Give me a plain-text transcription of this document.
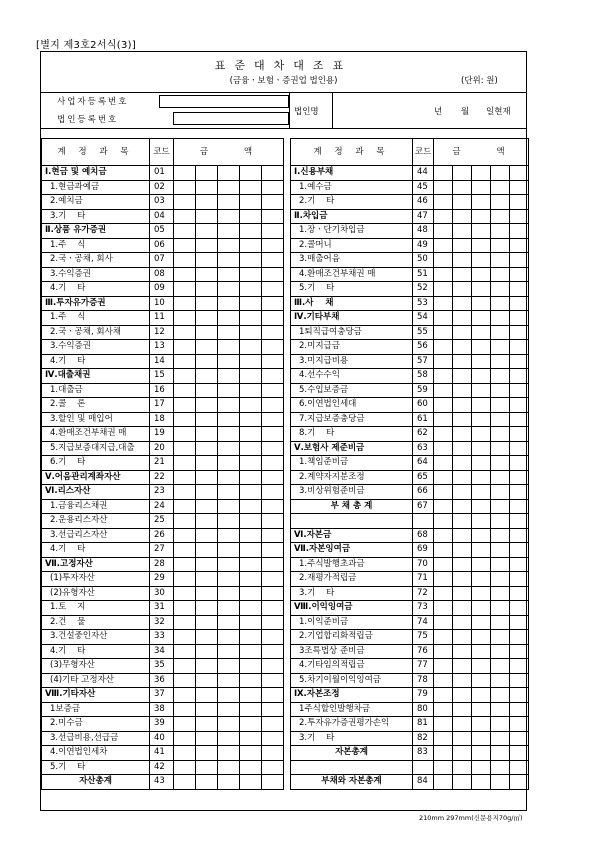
[별지 제3호2서식(3)]
표준대차대조표
(금융ㆍ보험ㆍ증권업 법인용)	(단위: 원)
사업자등록번호
법인등록번호
법인명	년 월 일현재
계 정 과 목	코드	금    액				
Ⅰ.현금 및 예치금	01					
1.현금과예금	02					
2.예치금	03					
3.기    타	04					
Ⅱ.상품 유가증권	05					
1.주    식	06					
2.국ㆍ공채, 회사	07					
3.수익증권	08					
4.기    타	09					
Ⅲ.투자유가증권	10					
1.주    식	11					
2.국ㆍ공채, 회사채	12					
3.수익증권	13					
4.기    타	14					
Ⅳ.대출채권	15					
1.대출금	16					
2.콜    론	17					
3.할인 및 매입어	18					
4.환매조건부채권 매	19					
5.지급보증대지급,대출	20					
6.기    타	21					
Ⅴ.어음관리계좌자산	22					
Ⅵ.리스자산	23					
1.금융리스채권	24					
2.운용리스자산	25					
3.선급리스자산	26					
4.기    타	27					
Ⅶ.고정자산	28					
(1)투자자산	29					
(2)유형자산	30					
1.토    지	31					
2.건    물	32					
3.건설중인자산	33					
4.기    타	34					
(3)무형자산	35					
(4)기타 고정자산	36					
Ⅷ.기타자산	37					
1보증금	38					
2.미수금	39					
3.선급비용,선급금	40					
4.이연법인세차	41					
5.기    타	42					
자산총계	43					
계 정 과 목	코드	금    액				
Ⅰ.신용부채	44					
1.예수금	45					
2.기    타	46					
Ⅱ.차입금	47					
1.장ㆍ단기차입금	48					
2.콜머니	49					
3.매출어음	50					
4.환매조건부채권 매	51					
5.기    타	52					
Ⅲ.사    채	53					
Ⅳ.기타부채	54					
1퇴직급여충당금	55					
2.미지급금	56					
3.미지급비용	57					
4.선수수익	58					
5.수입보증금	59					
6.이연법인세대	60					
7.지급보증충당금	61					
8.기    타	62					
Ⅴ.보험사 제준비금	63					
1.책임준비금	64					
2.계약자지분조정	65					
3.비상위험준비금	66					
부 채 총 계	67					

Ⅵ.자본금	68					
Ⅶ.자본잉여금	69					
1.주식발행초과금	70					
2.재평가적립금	71					
3.기    타	72					
Ⅷ.이익잉여금	73					
1.이익준비금	74					
2.기업합리화적립금	75					
3조특법상 준비금	76					
4.기타임의적립금	77					
5.차기이월이익잉여금	78					
Ⅸ.자본조정	79					
1주식할인발행차금	80					
2.투자유가증권평가손익	81					
3.기    타	82					
자본총계	83					

부채와 자본총계	84					
210mm 297mm(신문용지70g/㎡)
